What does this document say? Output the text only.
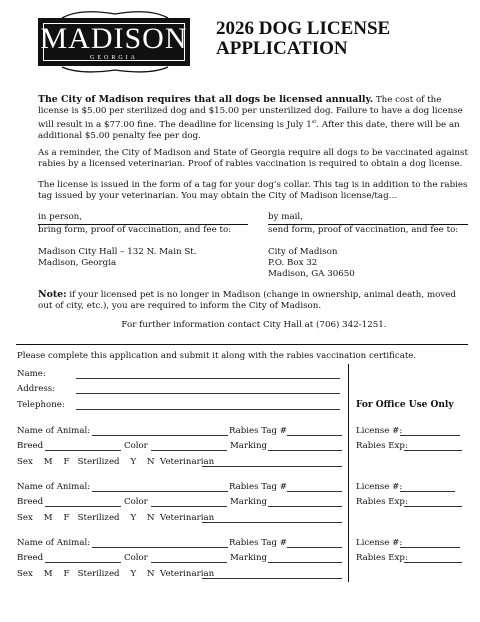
MADISON
GEORGIA
2026 DOG LICENSE
APPLICATION
The City of Madison requires that all dogs be licensed annually. The cost of the license is $5.00 per sterilized dog and $15.00 per unsterilized dog. Failure to have a dog license will result in a $77.00 fine. The deadline for licensing is July 1st. After this date, there will be an additional $5.00 penalty fee per dog.
As a reminder, the City of Madison and State of Georgia require all dogs to be vaccinated against rabies by a licensed veterinarian. Proof of rabies vaccination is required to obtain a dog license.
The license is issued in the form of a tag for your dog’s collar. This tag is in addition to the rabies tag issued by your veterinarian. You may obtain the City of Madison license/tag…
in person,
bring form, proof of vaccination, and fee to:
Madison City Hall – 132 N. Main St.
Madison, Georgia
by mail,
send form, proof of vaccination, and fee to:
City of Madison
P.O. Box 32
Madison, GA 30650
Note: if your licensed pet is no longer in Madison (change in ownership, animal death, moved out of city, etc.), you are required to inform the City of Madison.
For further information contact City Hall at (706) 342-1251.
Please complete this application and submit it along with the rabies vaccination certificate.
Name:
Address:
Telephone:	For Office Use Only
Name of Animal:	Rabies Tag #
Breed	Color	Marking
Sex    M    F   Sterilized    Y    N  Veterinarian
License #:
Rabies Exp:
Name of Animal:	Rabies Tag #
Breed	Color	Marking
Sex    M    F   Sterilized    Y    N  Veterinarian
License #:
Rabies Exp:
Name of Animal:	Rabies Tag #
Breed	Color	Marking
Sex    M    F   Sterilized    Y    N  Veterinarian
License #:
Rabies Exp:
